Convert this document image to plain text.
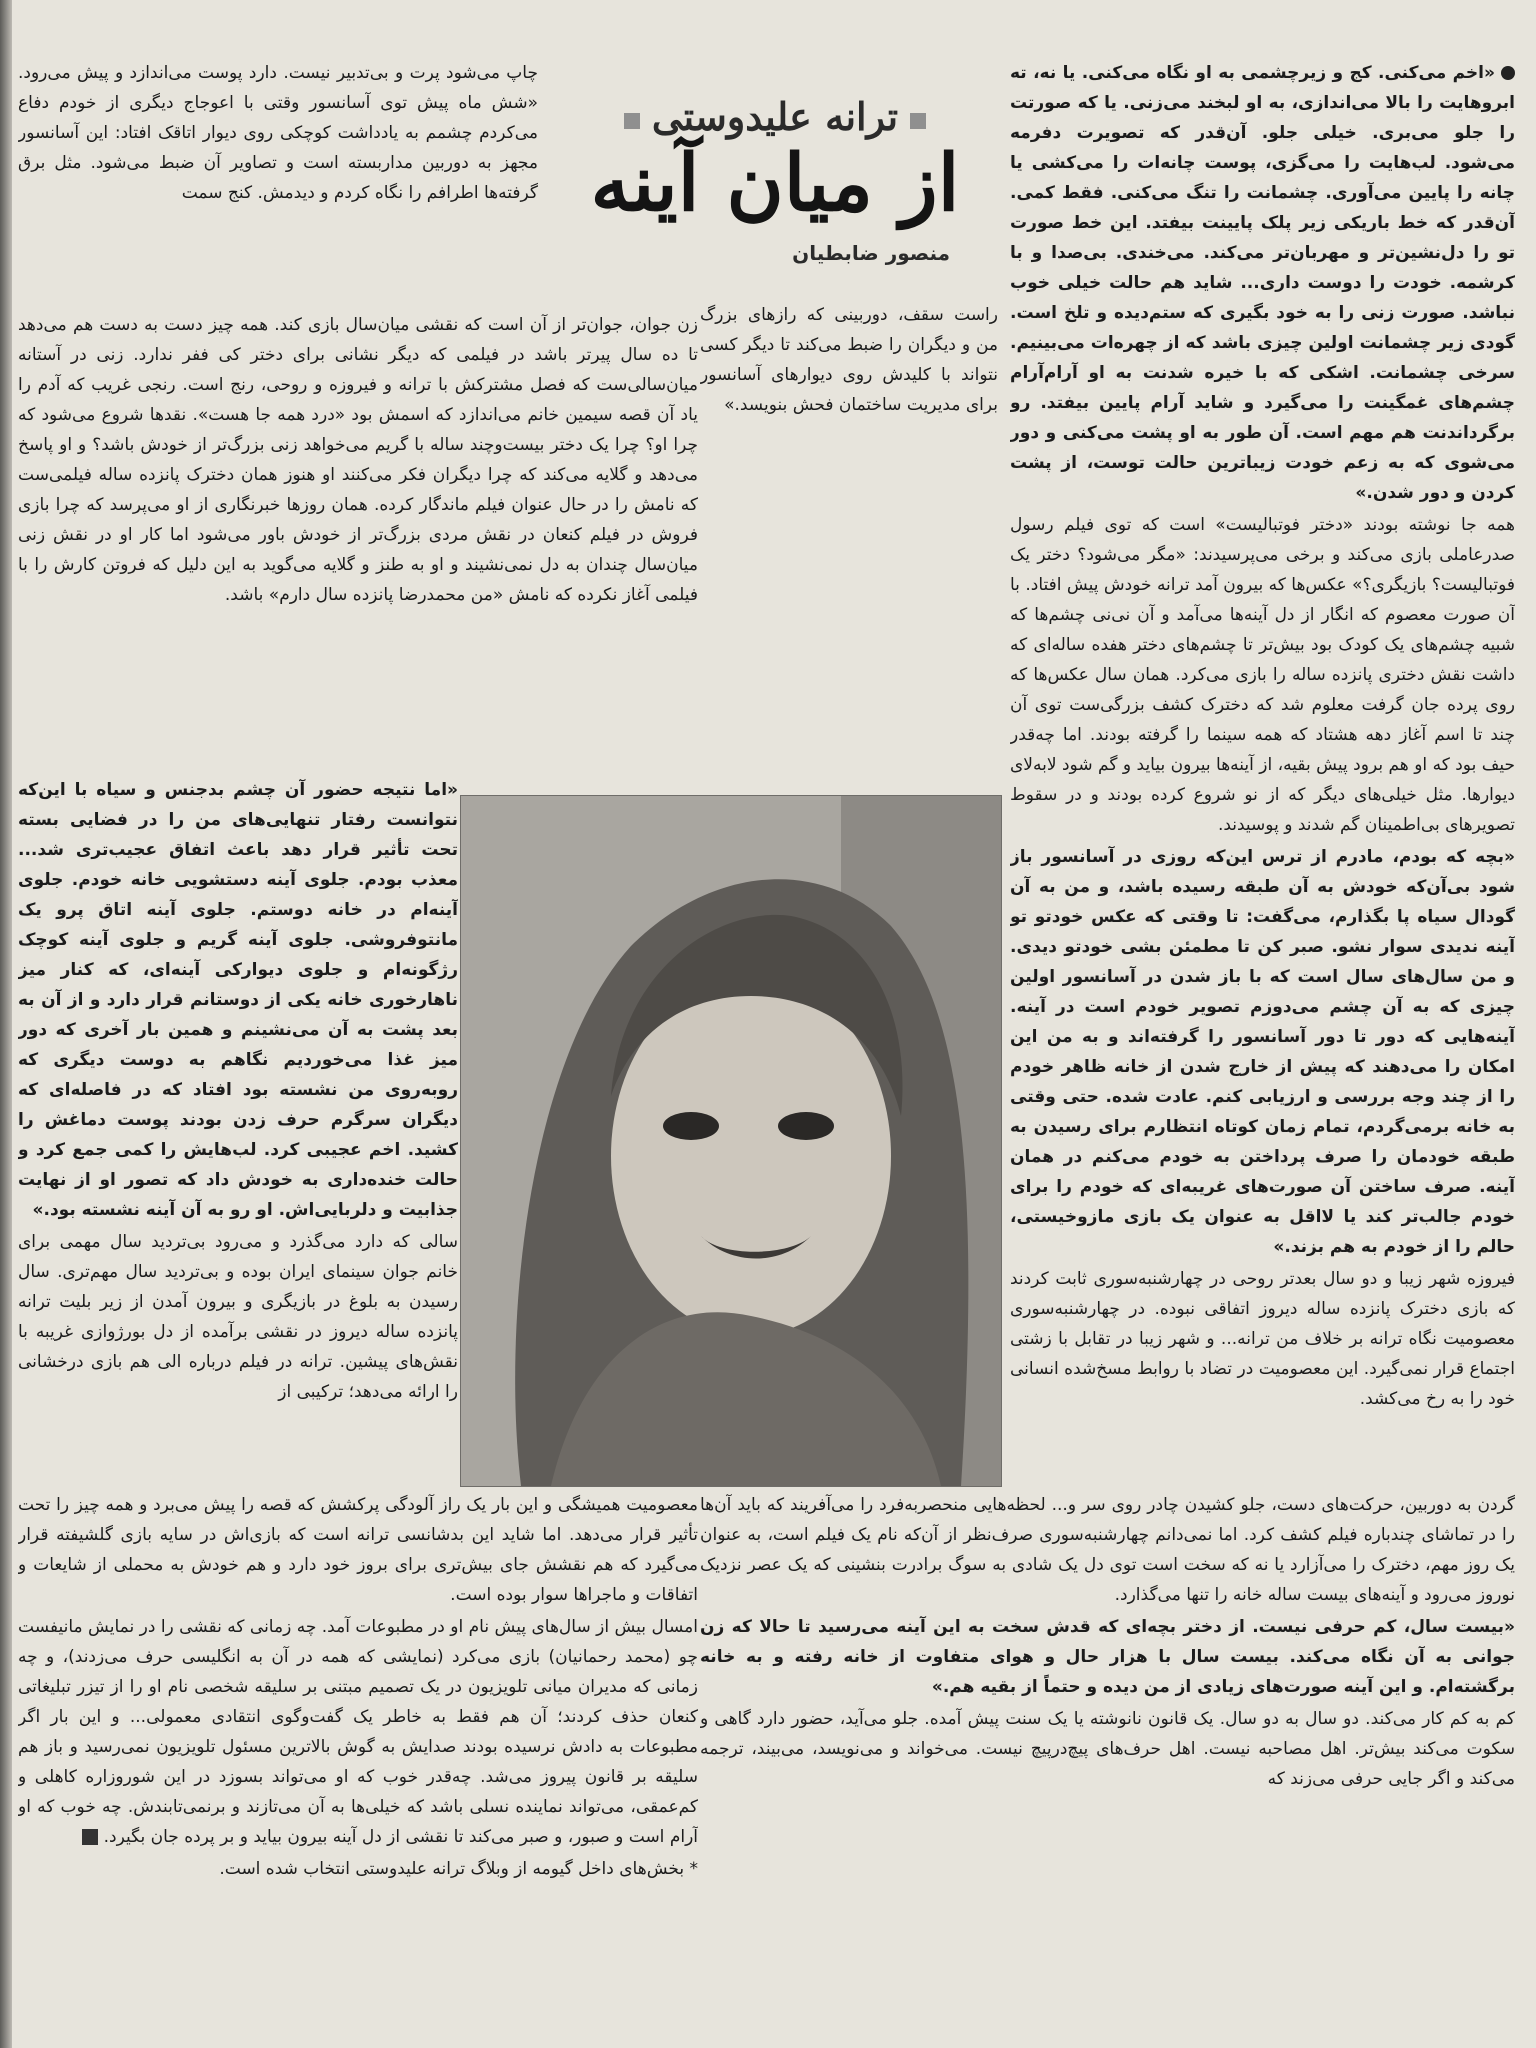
ترانه علیدوستی
از میان آینه
منصور ضابطیان

«اخم می‌کنی. کج و زیرچشمی به او نگاه می‌کنی. یا نه، ته ابروهایت را بالا می‌اندازی، به او لبخند می‌زنی. یا که صورتت را جلو می‌بری. خیلی جلو. آن‌قدر که تصویرت دفرمه می‌شود. لب‌هایت را می‌گزی، پوست چانه‌ات را می‌کشی یا چانه را پایین می‌آوری. چشمانت را تنگ می‌کنی. فقط کمی. آن‌قدر که خط باریکی زیر پلک پایینت بیفتد. این خط صورت تو را دل‌نشین‌تر و مهربان‌تر می‌کند. می‌خندی. بی‌صدا و با کرشمه. خودت را دوست داری... شاید هم حالت خیلی خوب نباشد. صورت زنی را به خود بگیری که ستم‌دیده و تلخ است. گودی زیر چشمانت اولین چیزی باشد که از چهره‌ات می‌بینیم. سرخی چشمانت. اشکی که با خیره شدنت به او آرام‌آرام چشم‌های غمگینت را می‌گیرد و شاید آرام پایین بیفتد. رو برگرداندنت هم مهم است. آن طور به او پشت می‌کنی و دور می‌شوی که به زعم خودت زیباترین حالت توست، از پشت کردن و دور شدن.»

همه جا نوشته بودند «دختر فوتبالیست» است که توی فیلم رسول صدرعاملی بازی می‌کند و برخی می‌پرسیدند: «مگر می‌شود؟ دختر یک فوتبالیست؟ بازیگری؟» عکس‌ها که بیرون آمد ترانه خودش پیش افتاد. با آن صورت معصوم که انگار از دل آینه‌ها می‌آمد و آن نی‌نی چشم‌ها که شبیه چشم‌های یک کودک بود بیش‌تر تا چشم‌های دختر هفده ساله‌ای که داشت نقش دختری پانزده ساله را بازی می‌کرد. همان سال عکس‌ها که روی پرده جان گرفت معلوم شد که دخترک کشف بزرگی‌ست توی آن چند تا اسم آغاز دهه هشتاد که همه سینما را گرفته بودند. اما چه‌قدر حیف بود که او هم برود پیش بقیه، از آینه‌ها بیرون بیاید و گم شود لابه‌لای دیوارها. مثل خیلی‌های دیگر که از نو شروع کرده بودند و در سقوط تصویرهای بی‌اطمینان گم شدند و پوسیدند.

«بچه که بودم، مادرم از ترس این‌که روزی در آسانسور باز شود بی‌آن‌که خودش به آن طبقه رسیده باشد، و من به آن گودال سیاه پا بگذارم، می‌گفت: تا وقتی که عکس خودتو تو آینه ندیدی سوار نشو. صبر کن تا مطمئن بشی خودتو دیدی. و من سال‌های سال است که با باز شدن در آسانسور اولین چیزی که به آن چشم می‌دوزم تصویر خودم است در آینه. آینه‌هایی که دور تا دور آسانسور را گرفته‌اند و به من این امکان را می‌دهند که پیش از خارج شدن از خانه ظاهر خودم را از چند وجه بررسی و ارزیابی کنم. عادت شده. حتی وقتی به خانه برمی‌گردم، تمام زمان کوتاه انتظارم برای رسیدن به طبقه خودمان را صرف پرداختن به خودم می‌کنم در همان آینه. صرف ساختن آن صورت‌های غریبه‌ای که خودم را برای خودم جالب‌تر کند یا لااقل به عنوان یک بازی مازوخیستی، حالم را از خودم به هم بزند.»

فیروزه شهر زیبا و دو سال بعدتر روحی در چهارشنبه‌سوری ثابت کردند که بازی دخترک پانزده ساله دیروز اتفاقی نبوده. در چهارشنبه‌سوری معصومیت نگاه ترانه بر خلاف من ترانه... و شهر زیبا در تقابل با زشتی اجتماع قرار نمی‌گیرد. این معصومیت در تضاد با روابط مسخ‌شده انسانی خود را به رخ می‌کشد.

راست سقف، دوربینی که رازهای بزرگ من و دیگران را ضبط می‌کند تا دیگر کسی نتواند با کلیدش روی دیوارهای آسانسور برای مدیریت ساختمان فحش بنویسد.»
چاپ می‌شود پرت و بی‌تدبیر نیست. دارد پوست می‌اندازد و پیش می‌رود. «شش ماه پیش توی آسانسور وقتی با اعوجاج دیگری از خودم دفاع می‌کردم چشمم به یادداشت کوچکی روی دیوار اتاقک افتاد: این آسانسور مجهز به دوربین مداربسته است و تصاویر آن ضبط می‌شود. مثل برق گرفته‌ها اطرافم را نگاه کردم و دیدمش. کنج سمت
زن جوان، جوان‌تر از آن است که نقشی میان‌سال بازی کند. همه چیز دست به دست هم می‌دهد تا ده سال پیرتر باشد در فیلمی که دیگر نشانی برای دختر کی ففر ندارد. زنی در آستانه میان‌سالی‌ست که فصل مشترکش با ترانه و فیروزه و روحی، رنج است. رنجی غریب که آدم را یاد آن قصه سیمین خانم می‌اندازد که اسمش بود «درد همه جا هست». نقدها شروع می‌شود که چرا او؟ چرا یک دختر بیست‌وچند ساله با گریم می‌خواهد زنی بزرگ‌تر از خودش باشد؟ و او پاسخ می‌دهد و گلایه می‌کند که چرا دیگران فکر می‌کنند او هنوز همان دخترک پانزده ساله فیلمی‌ست که نامش را در حال عنوان فیلم ماندگار کرده. همان روزها خبرنگاری از او می‌پرسد که چرا بازی فروش در فیلم کنعان در نقش مردی بزرگ‌تر از خودش باور می‌شود اما کار او در نقش زنی میان‌سال چندان به دل نمی‌نشیند و او به طنز و گلایه می‌گوید به این دلیل که فروتن کارش را با فیلمی آغاز نکرده که نامش «من محمدرضا پانزده سال دارم» باشد.

«اما نتیجه حضور آن چشم بدجنس و سیاه با این‌که نتوانست رفتار تنهایی‌های من را در فضایی بسته تحت تأثیر قرار دهد باعث اتفاق عجیب‌تری شد... معذب بودم. جلوی آینه دستشویی خانه خودم. جلوی آینه‌ام در خانه دوستم. جلوی آینه اتاق پرو یک مانتوفروشی. جلوی آینه گریم و جلوی آینه کوچک رژگونه‌ام و جلوی دیوارکی آینه‌ای، که کنار میز ناهارخوری خانه یکی از دوستانم قرار دارد و از آن به بعد پشت به آن می‌نشینم و همین بار آخری که دور میز غذا می‌خوردیم نگاهم به دوست دیگری که روبه‌روی من نشسته بود افتاد که در فاصله‌ای که دیگران سرگرم حرف زدن بودند پوست دماغش را کشید. اخم عجیبی کرد. لب‌هایش را کمی جمع کرد و حالت خنده‌داری به خودش داد که تصور او از نهایت جذابیت و دلربایی‌اش. او رو به آن آینه نشسته بود.»

سالی که دارد می‌گذرد و می‌رود بی‌تردید سال مهمی برای خانم جوان سینمای ایران بوده و بی‌تردید سال مهم‌تری. سال رسیدن به بلوغ در بازیگری و بیرون آمدن از زیر بلیت ترانه پانزده ساله دیروز در نقشی برآمده از دل بورژوازی غریبه با نقش‌های پیشین. ترانه در فیلم درباره الی هم بازی درخشانی را ارائه می‌دهد؛ ترکیبی از

معصومیت همیشگی و این بار یک راز آلودگی پرکشش که قصه را پیش می‌برد و همه چیز را تحت تأثیر قرار می‌دهد. اما شاید این بدشانسی ترانه است که بازی‌اش در سایه بازی گلشیفته قرار می‌گیرد که هم نقشش جای بیش‌تری برای بروز خود دارد و هم خودش به محملی از شایعات و اتفاقات و ماجراها سوار بوده است.

امسال بیش از سال‌های پیش نام او در مطبوعات آمد. چه زمانی که نقشی را در نمایش مانیفست چو (محمد رحمانیان) بازی می‌کرد (نمایشی که همه در آن به انگلیسی حرف می‌زدند)، و چه زمانی که مدیران میانی تلویزیون در یک تصمیم مبتنی بر سلیقه شخصی نام او را از تیزر تبلیغاتی کنعان حذف کردند؛ آن هم فقط به خاطر یک گفت‌وگوی انتقادی معمولی... و این بار اگر مطبوعات به دادش نرسیده بودند صدایش به گوش بالاترین مسئول تلویزیون نمی‌رسید و باز هم سلیقه بر قانون پیروز می‌شد. چه‌قدر خوب که او می‌تواند بسوزد در این شوروزاره کاهلی و کم‌عمقی، می‌تواند نماینده نسلی باشد که خیلی‌ها به آن می‌تازند و برنمی‌تابندش. چه خوب که او آرام است و صبور، و صبر می‌کند تا نقشی از دل آینه بیرون بیاید و بر پرده جان بگیرد.

* بخش‌های داخل گیومه از وبلاگ ترانه علیدوستی انتخاب شده است.

گردن به دوربین، حرکت‌های دست، جلو کشیدن چادر روی سر و... لحظه‌هایی منحصربه‌فرد را می‌آفریند که باید آن‌ها را در تماشای چندباره فیلم کشف کرد. اما نمی‌دانم چهارشنبه‌سوری صرف‌نظر از آن‌که نام یک فیلم است، به عنوان یک روز مهم، دخترک را می‌آزارد یا نه که سخت است توی دل یک شادی به سوگ برادرت بنشینی که یک عصر نزدیک نوروز می‌رود و آینه‌های بیست ساله خانه را تنها می‌گذارد.

«بیست سال، کم حرفی نیست. از دختر بچه‌ای که قدش سخت به این آینه می‌رسید تا حالا که زن جوانی به آن نگاه می‌کند. بیست سال با هزار حال و هوای متفاوت از خانه رفته و به خانه برگشته‌ام. و این آینه صورت‌های زیادی از من دیده و حتماً از بقیه هم.»

کم به کم کار می‌کند. دو سال به دو سال. یک قانون نانوشته یا یک سنت پیش آمده. جلو می‌آید، حضور دارد گاهی و سکوت می‌کند بیش‌تر. اهل مصاحبه نیست. اهل حرف‌های پیچ‌درپیچ نیست. می‌خواند و می‌نویسد، می‌بیند، ترجمه می‌کند و اگر جایی حرفی می‌زند که
